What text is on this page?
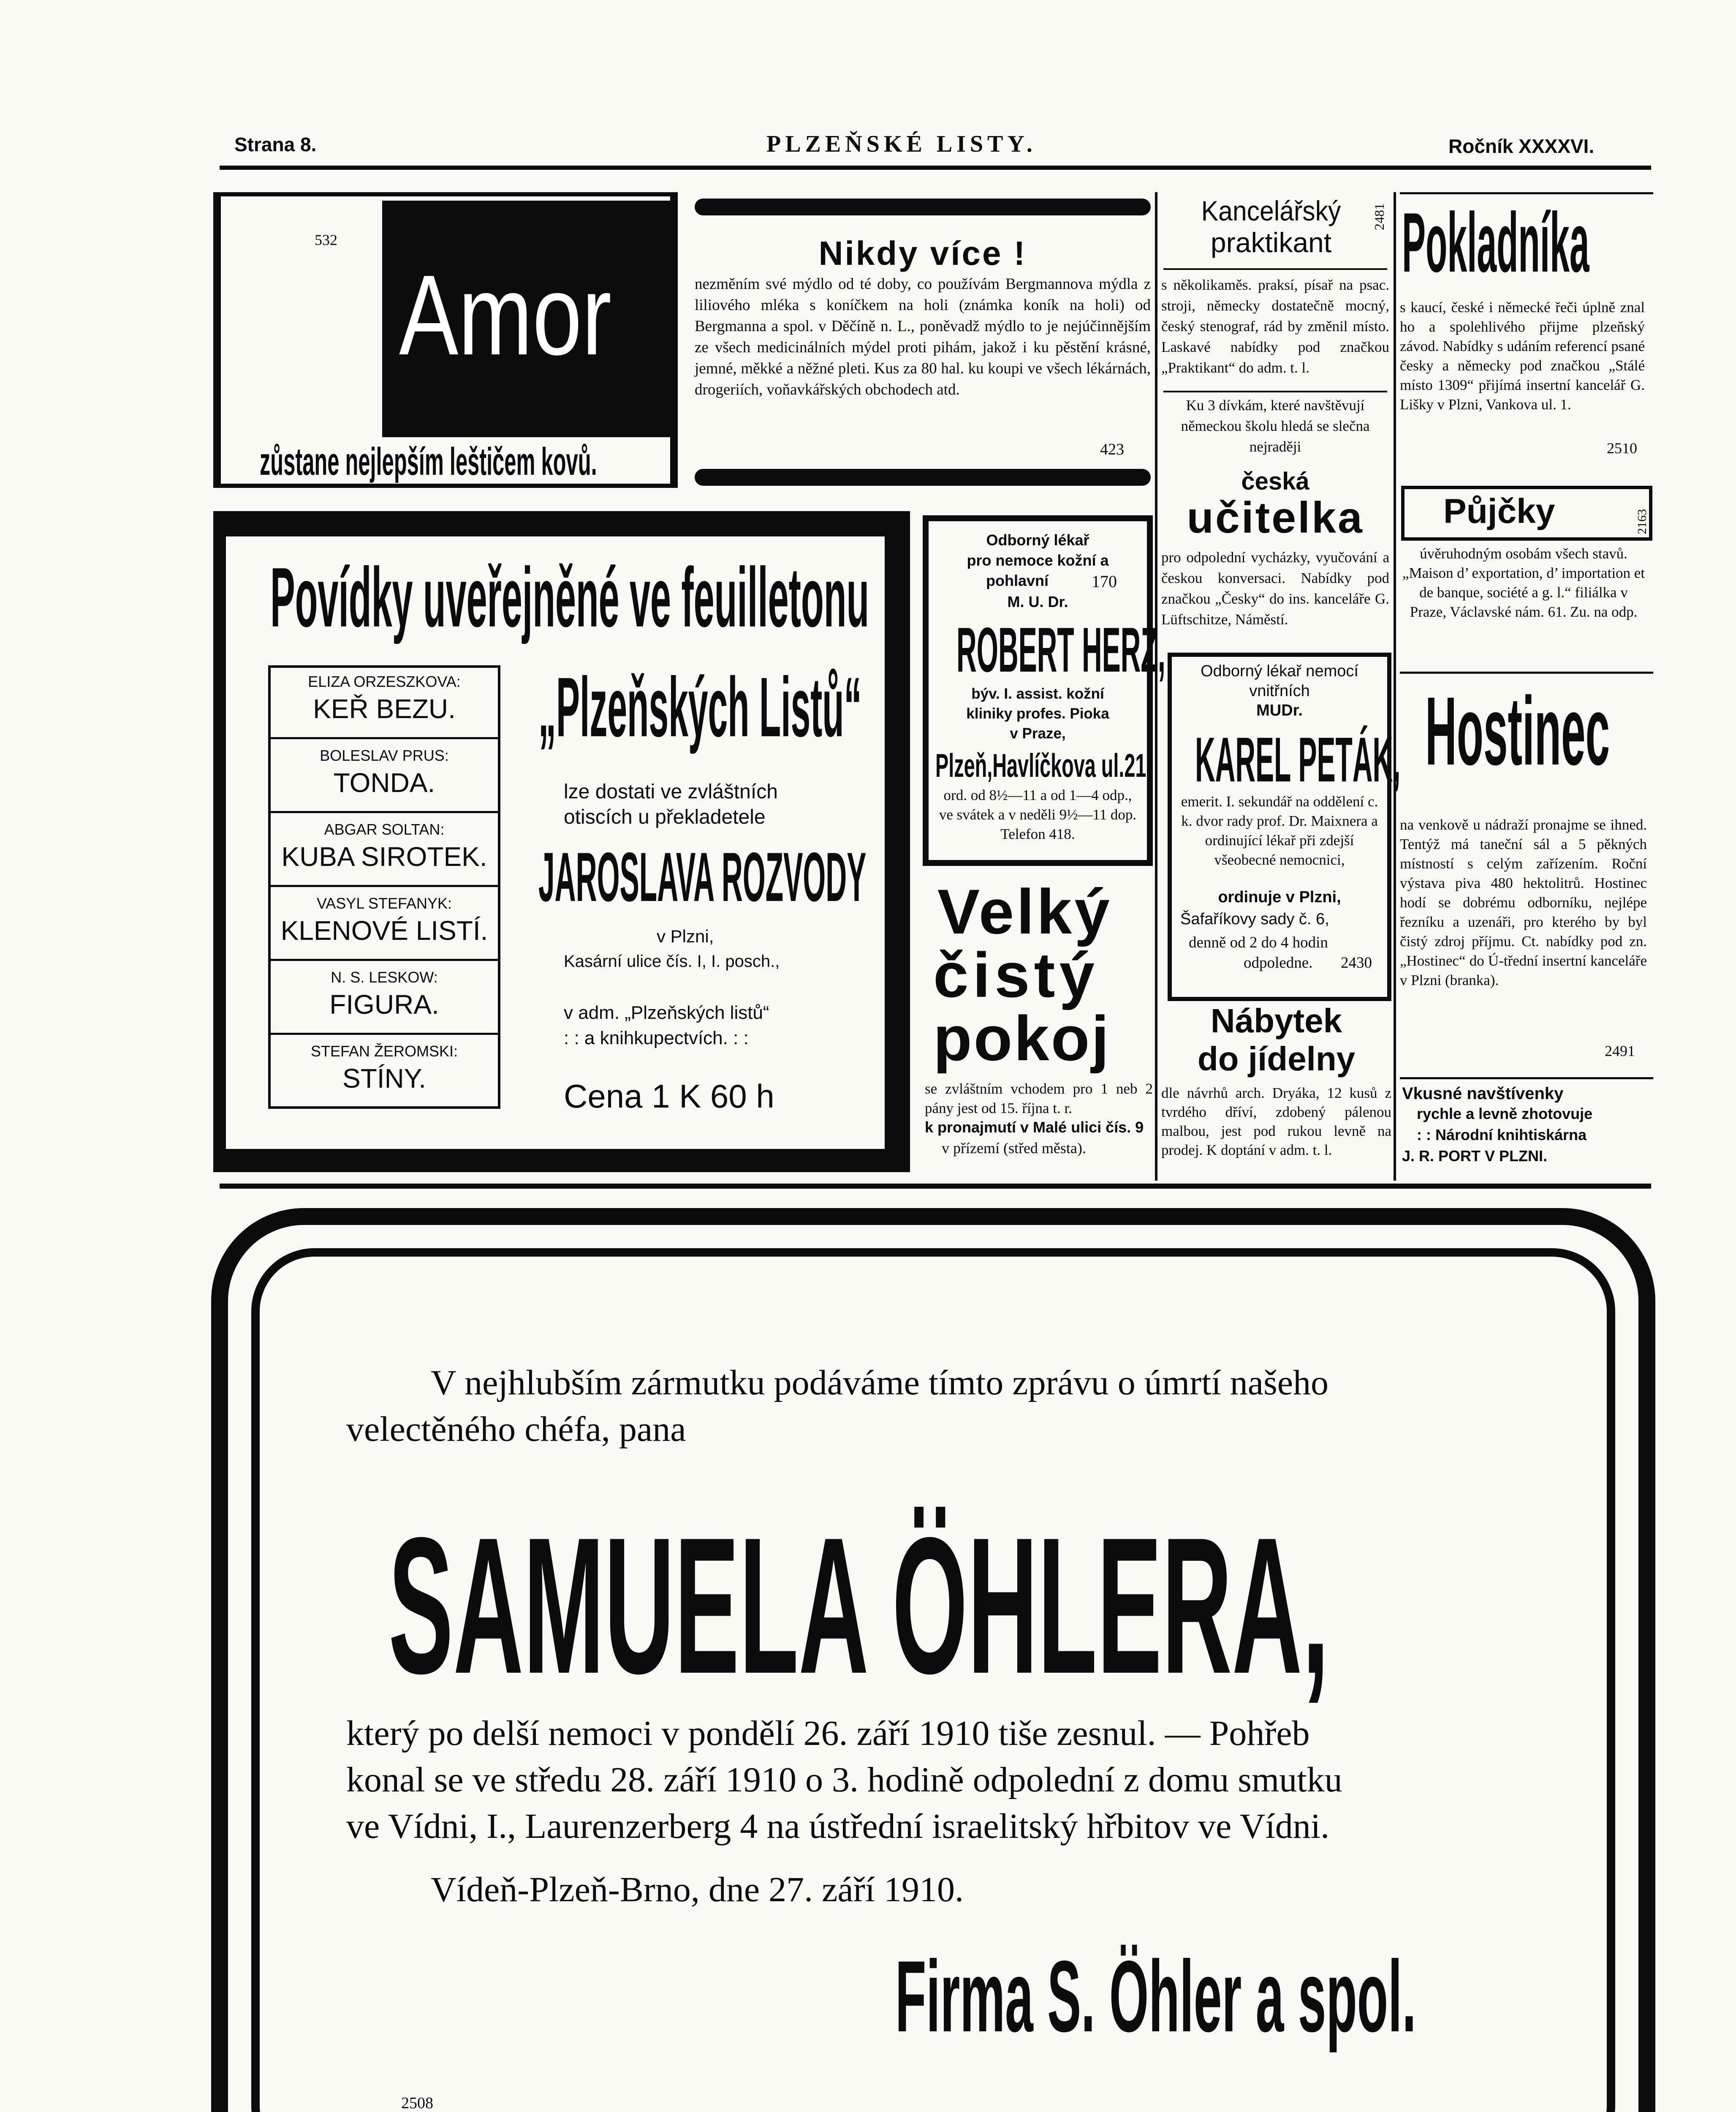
Strana 8.	PLZEŇSKÉ LISTY.	Ročník XXXXVI.
532
Amor
zůstane nejlepším leštičem kovů.
Nikdy více !
nezměním své mýdlo od té doby, co používám Bergmannova mýdla z liliového mléka s koníčkem na holi (známka koník na holi) od Bergmanna a spol. v Děčíně n. L., poněvadž mýdlo to je nejúčinnějším ze všech medicinálních mýdel proti pihám, jakož i ku pěstění krásné, jemné, měkké a něžné pleti. Kus za 80 hal. ku koupi ve všech lékárnách, drogeriích, voňavkářských obchodech atd.
423
Kancelářský
praktikant
2481
s několikaměs. praksí, písař na psac. stroji, německy dostatečně mocný, český stenograf, rád by změnil místo. Laskavé nabídky pod značkou „Praktikant“ do adm. t. l.
Ku 3 dívkám, které navštěvují německou školu hledá se slečna nejraději
česká
učitelka
pro odpolední vycházky, vyučování a českou konversaci. Nabídky pod značkou „Česky“ do ins. kanceláře G. Lüftschitze, Náměstí.
Pokladníka
s kaucí, české i německé řeči úplně znal ho a spolehlivého přijme plzeňský závod. Nabídky s udáním referencí psané česky a německy pod značkou „Stálé místo 1309“ přijímá insertní kancelář G. Lišky v Plzni, Vankova ul. 1.
2510
Půjčky	2163
úvěruhodným osobám všech stavů. „Maison d’ exportation, d’ importation et de banque, société a g. l.“ filiálka v Praze, Václavské nám. 61. Zu. na odp.
Hostinec
na venkově u nádraží pronajme se ihned. Tentýž má taneční sál a 5 pěkných místností s celým zařízením. Roční výstava piva 480 hektolitrů. Hostinec hodí se dobrému odborníku, nejlépe řezníku a uzenáři, pro kterého by byl čistý zdroj příjmu. Ct. nabídky pod zn. „Hostinec“ do Ú-třední insertní kanceláře v Plzni (branka).
2491
Vkusné navštívenky
rychle a levně zhotovuje
: : Národní knihtiskárna
J. R. PORT V PLZNI.
Povídky uveřejněné ve feuilletonu
ELIZA ORZESZKOVA:
KEŘ BEZU.
BOLESLAV PRUS:
TONDA.
ABGAR SOLTAN:
KUBA SIROTEK.
VASYL STEFANYK:
KLENOVÉ LISTÍ.
N. S. LESKOW:
FIGURA.
STEFAN ŽEROMSKI:
STÍNY.
„Plzeňských Listů“
lze dostati ve zvláštních
otiscích u překladetele
JAROSLAVA ROZVODY
v Plzni,
Kasární ulice čís. I, I. posch.,
v adm. „Plzeňských listů“
: : a knihkupectvích. : :
Cena 1 K 60 h
Odborný lékař
pro nemoce kožní a
pohlavní	170
M. U. Dr.
ROBERT HERZ,
býv. I. assist. kožní
kliniky profes. Pioka
v Praze,
Plzeň,Havlíčkova ul.21
ord. od 8½—11 a od 1—4 odp., ve svátek a v neděli 9½—11 dop. Telefon 418.
Velký
čistý
pokoj
se zvláštním vchodem pro 1 neb 2 pány jest od 15. října t. r.
k pronajmutí v Malé ulici čís. 9
v přízemí (střed města).
Odborný lékař nemocí
vnitřních
MUDr.
KAREL PETÁK,
emerit. I. sekundář na oddělení c. k. dvor rady prof. Dr. Maixnera a ordinující lékař při zdejší všeobecné nemocnici,
ordinuje v Plzni,
Šafaříkovy sady č. 6,
denně od 2 do 4 hodin
odpoledne. 2430
Nábytek
do jídelny
dle návrhů arch. Dryáka, 12 kusů z tvrdého dříví, zdobený pálenou malbou, jest pod rukou levně na prodej. K doptání v adm. t. l.
V nejhlubším zármutku podáváme tímto zprávu o úmrtí našeho
velectěného chéfa, pana
SAMUELA ÖHLERA,
který po delší nemoci v pondělí 26. září 1910 tiše zesnul. — Pohřeb
konal se ve středu 28. září 1910 o 3. hodině odpolední z domu smutku
ve Vídni, I., Laurenzerberg 4 na ústřední israelitský hřbitov ve Vídni.
Vídeň-Plzeň-Brno, dne 27. září 1910.
Firma S. Öhler a spol.
2508
